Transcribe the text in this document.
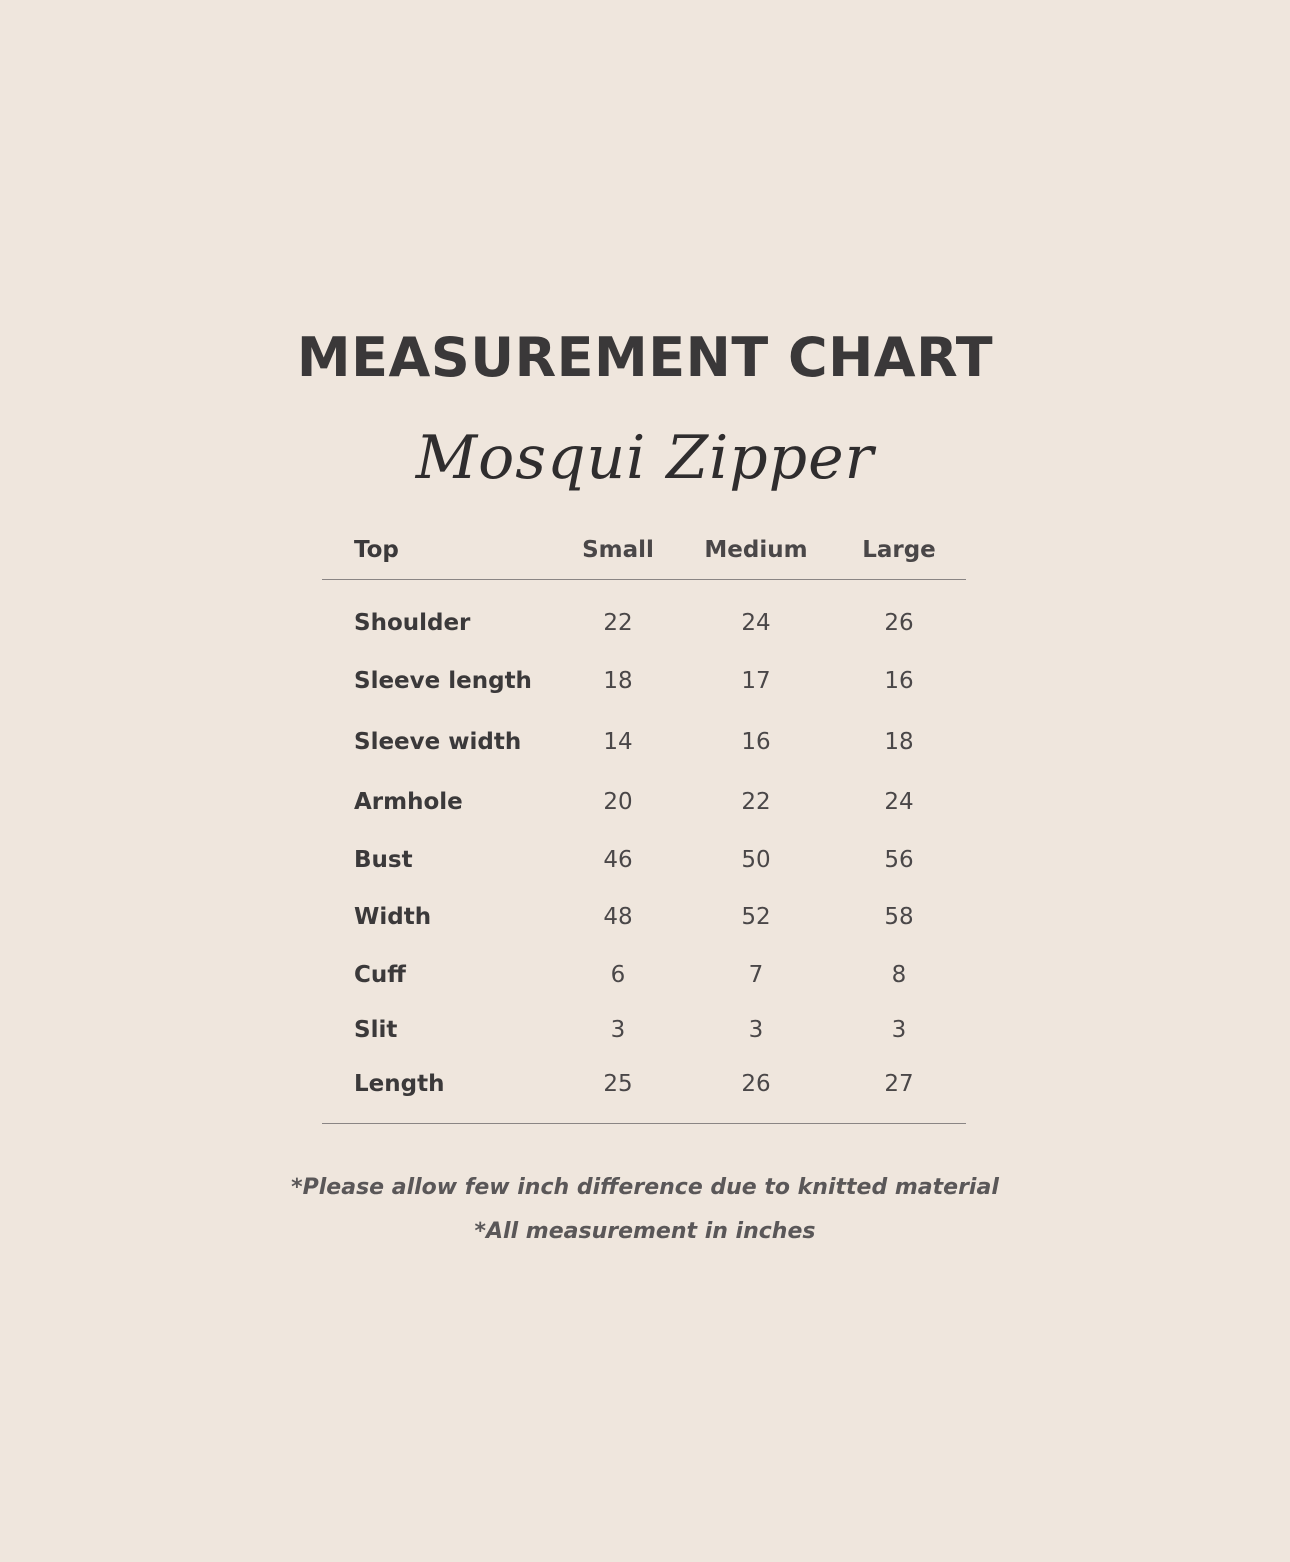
MEASUREMENT CHART
Mosqui Zipper
Top	Small	Medium	Large
Shoulder	22	24	26
Sleeve length	18	17	16
Sleeve width	14	16	18
Armhole	20	22	24
Bust	46	50	56
Width	48	52	58
Cuff	6	7	8
Slit	3	3	3
Length	25	26	27
*Please allow few inch difference due to knitted material
*All measurement in inches
